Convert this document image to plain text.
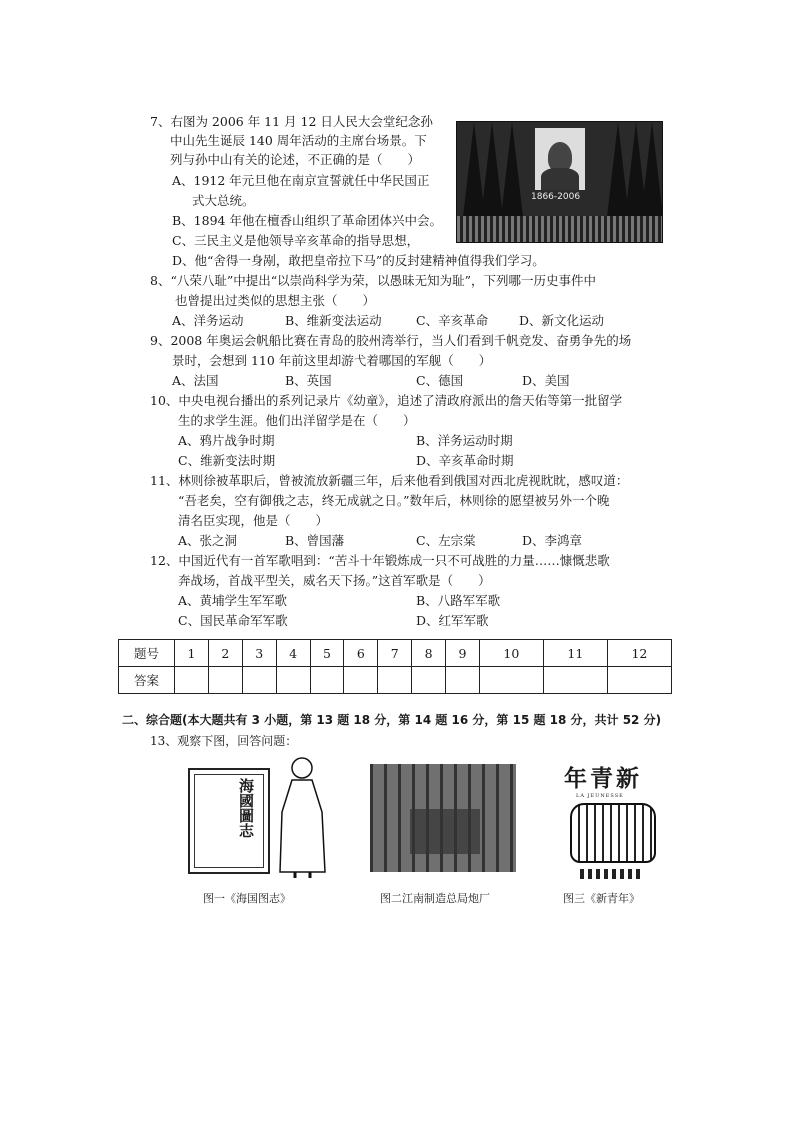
7、右图为 2006 年 11 月 12 日人民大会堂纪念孙
中山先生诞辰 140 周年活动的主席台场景。下
列与孙中山有关的论述，不正确的是（　　）
A、1912 年元旦他在南京宣誓就任中华民国正
式大总统。
B、1894 年他在檀香山组织了革命团体兴中会。
C、三民主义是他领导辛亥革命的指导思想，
D、他“舍得一身剐，敢把皇帝拉下马”的反封建精神值得我们学习。
1866-2006
8、“八荣八耻”中提出“以崇尚科学为荣，以愚昧无知为耻”，下列哪一历史事件中
也曾提出过类似的思想主张（　　）
A、洋务运动	B、维新变法运动	C、辛亥革命 D、新文化运动
9、2008 年奥运会帆船比赛在青岛的胶州湾举行，当人们看到千帆竞发、奋勇争先的场
景时，会想到 110 年前这里却游弋着哪国的军舰（　　）
A、法国	B、英国	C、德国	D、美国
10、中央电视台播出的系列记录片《幼童》，追述了清政府派出的詹天佑等第一批留学
生的求学生涯。他们出洋留学是在（　　）
A、鸦片战争时期	B、洋务运动时期
C、维新变法时期	D、辛亥革命时期
11、林则徐被革职后，曾被流放新疆三年，后来他看到俄国对西北虎视眈眈，感叹道：
“吾老矣，空有御俄之志，终无成就之日。”数年后，林则徐的愿望被另外一个晚
清名臣实现，他是（　　）
A、张之洞	B、曾国藩	C、左宗棠	D、李鸿章
12、中国近代有一首军歌唱到：“苦斗十年锻炼成一只不可战胜的力量……慷慨悲歌
奔战场，首战平型关，威名天下扬。”这首军歌是（　　）
A、黄埔学生军军歌	B、八路军军歌
C、国民革命军军歌	D、红军军歌
题号	1	2	3	4	5	6	7	8	9	10	11	12
答案												
二、综合题(本大题共有 3 小题，第 13 题 18 分，第 14 题 16 分，第 15 题 18 分，共计 52 分)
13、观察下图，回答问题：
海國圖志
图一《海国图志》	图二江南制造总局炮厂
年青新
LA JEUNESSE
图三《新青年》
